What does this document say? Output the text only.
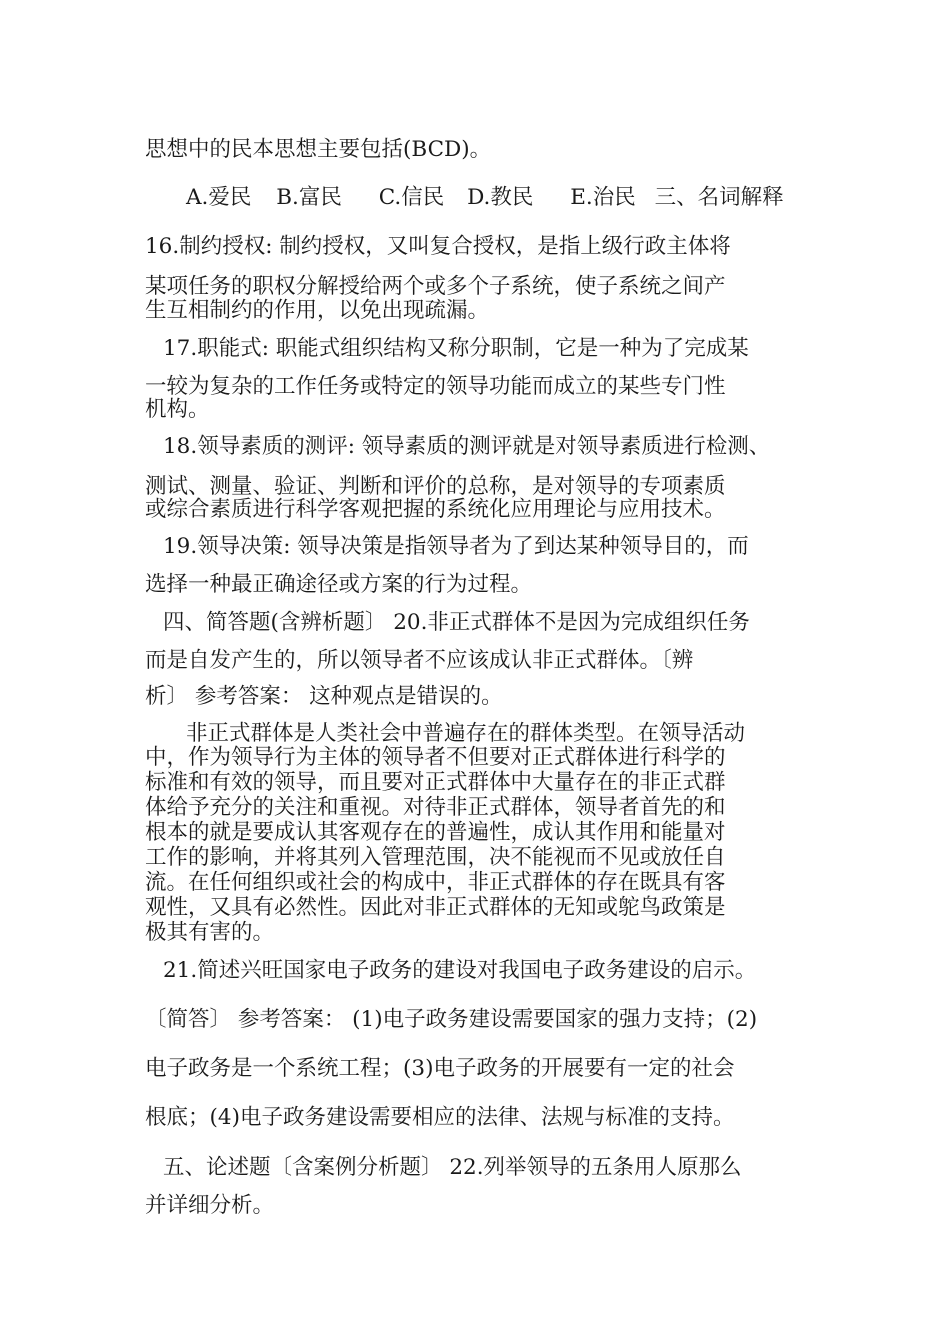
思想中的民本思想主要包括(BCD)。
A.爱民 B.富民 C.信民 D.教民 E.治民 三、名词解释
16.制约授权: 制约授权，又叫复合授权，是指上级行政主体将
某项任务的职权分解授给两个或多个子系统，使子系统之间产
生互相制约的作用，以免出现疏漏。
17.职能式: 职能式组织结构又称分职制，它是一种为了完成某
一较为复杂的工作任务或特定的领导功能而成立的某些专门性
机构。
18.领导素质的测评: 领导素质的测评就是对领导素质进行检测、
测试、测量、验证、判断和评价的总称，是对领导的专项素质
或综合素质进行科学客观把握的系统化应用理论与应用技术。
19.领导决策: 领导决策是指领导者为了到达某种领导目的，而
选择一种最正确途径或方案的行为过程。
四、简答题(含辨析题〕 20.非正式群体不是因为完成组织任务
而是自发产生的，所以领导者不应该成认非正式群体。〔辨
析〕 参考答案： 这种观点是错误的。
非正式群体是人类社会中普遍存在的群体类型。在领导活动
中，作为领导行为主体的领导者不但要对正式群体进行科学的
标准和有效的领导，而且要对正式群体中大量存在的非正式群
体给予充分的关注和重视。对待非正式群体，领导者首先的和
根本的就是要成认其客观存在的普遍性，成认其作用和能量对
工作的影响，并将其列入管理范围，决不能视而不见或放任自
流。在任何组织或社会的构成中，非正式群体的存在既具有客
观性，又具有必然性。因此对非正式群体的无知或鸵鸟政策是
极其有害的。
21.简述兴旺国家电子政务的建设对我国电子政务建设的启示。
〔简答〕 参考答案： (1)电子政务建设需要国家的强力支持；(2)
电子政务是一个系统工程；(3)电子政务的开展要有一定的社会
根底；(4)电子政务建设需要相应的法律、法规与标准的支持。
五、论述题〔含案例分析题〕 22.列举领导的五条用人原那么
并详细分析。
